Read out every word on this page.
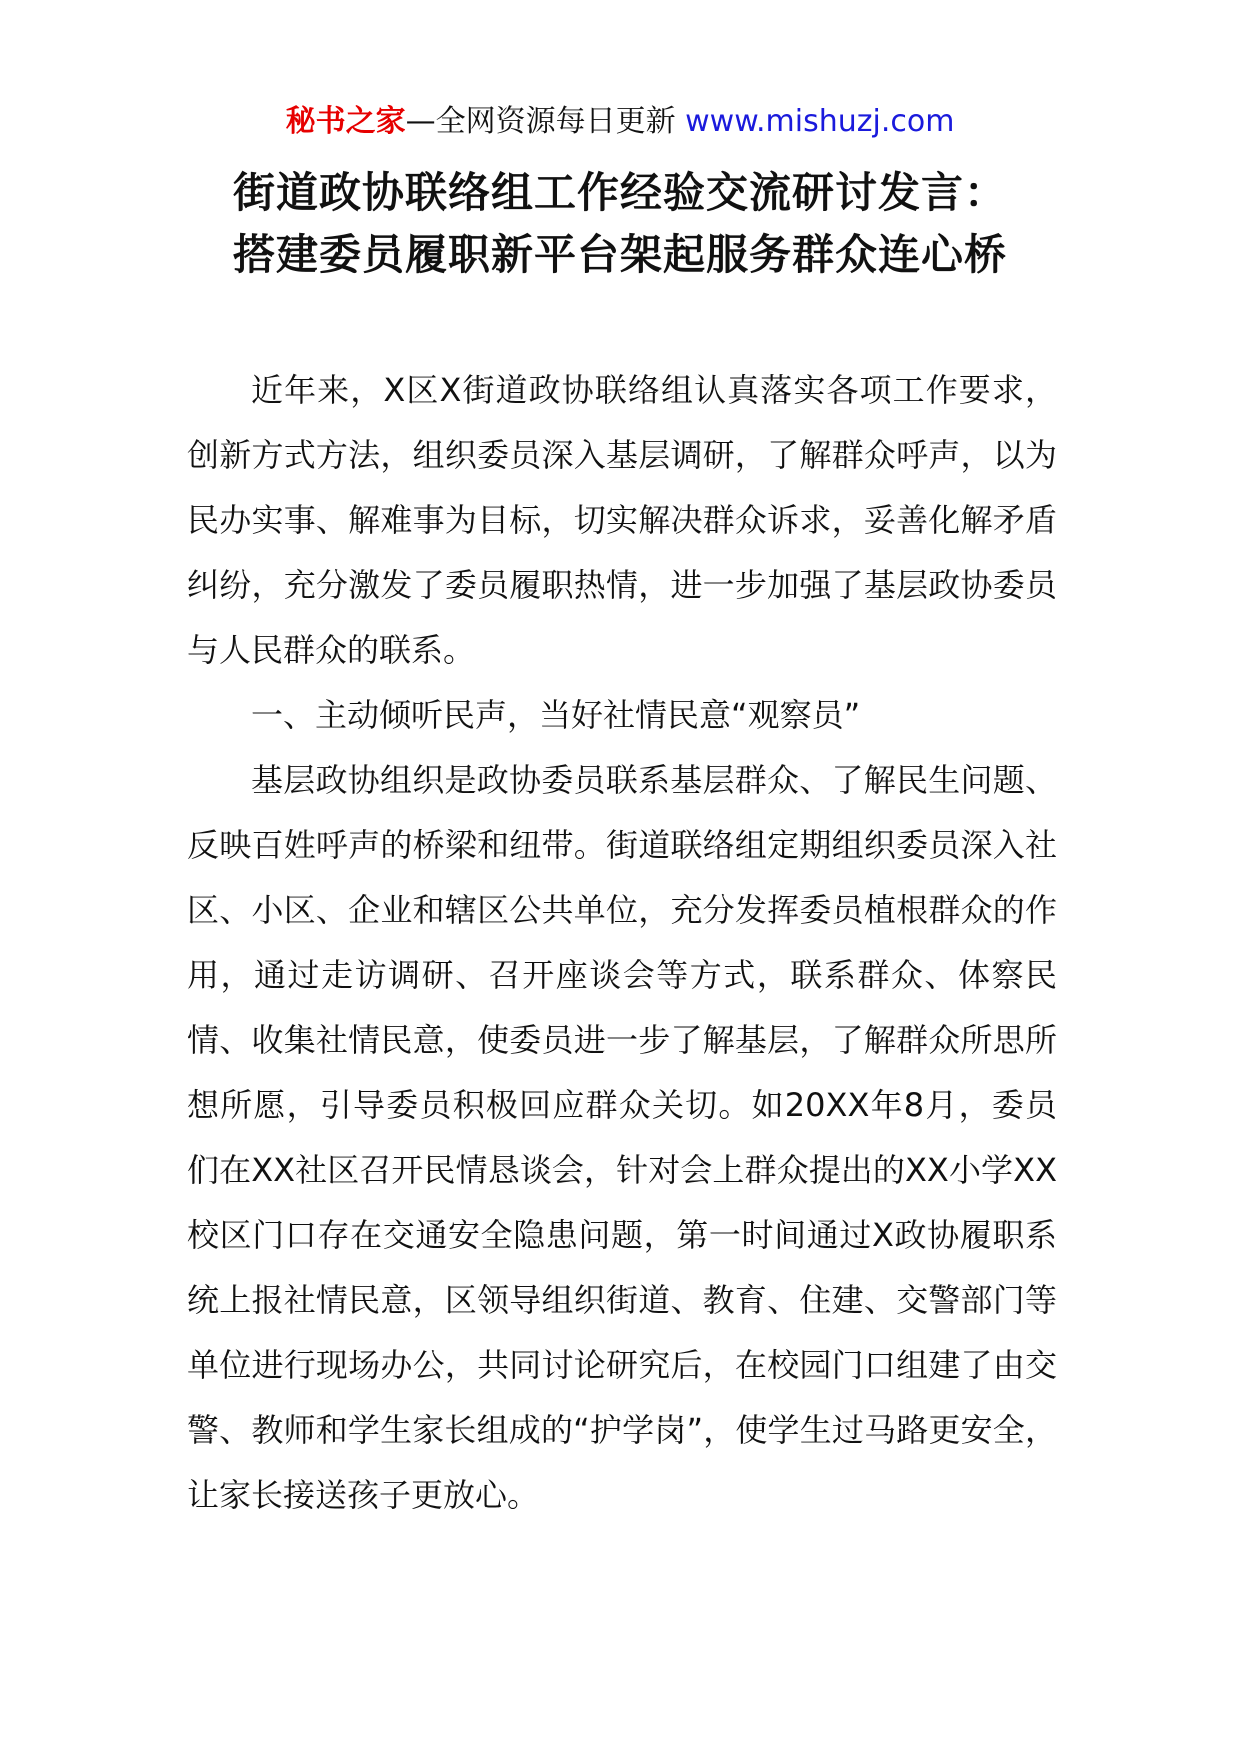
秘书之家—全网资源每日更新 www.mishuzj.com
街道政协联络组工作经验交流研讨发言：
搭建委员履职新平台架起服务群众连心桥

近年来，X区X街道政协联络组认真落实各项工作要求，创新方式方法，组织委员深入基层调研，了解群众呼声，以为民办实事、解难事为目标，切实解决群众诉求，妥善化解矛盾纠纷，充分激发了委员履职热情，进一步加强了基层政协委员与人民群众的联系。

一、主动倾听民声，当好社情民意“观察员”

基层政协组织是政协委员联系基层群众、了解民生问题、反映百姓呼声的桥梁和纽带。街道联络组定期组织委员深入社区、小区、企业和辖区公共单位，充分发挥委员植根群众的作用，通过走访调研、召开座谈会等方式，联系群众、体察民情、收集社情民意，使委员进一步了解基层，了解群众所思所想所愿，引导委员积极回应群众关切。如20XX年8月，委员们在XX社区召开民情恳谈会，针对会上群众提出的XX小学XX校区门口存在交通安全隐患问题，第一时间通过X政协履职系统上报社情民意，区领导组织街道、教育、住建、交警部门等单位进行现场办公，共同讨论研究后，在校园门口组建了由交警、教师和学生家长组成的“护学岗”，使学生过马路更安全，让家长接送孩子更放心。
